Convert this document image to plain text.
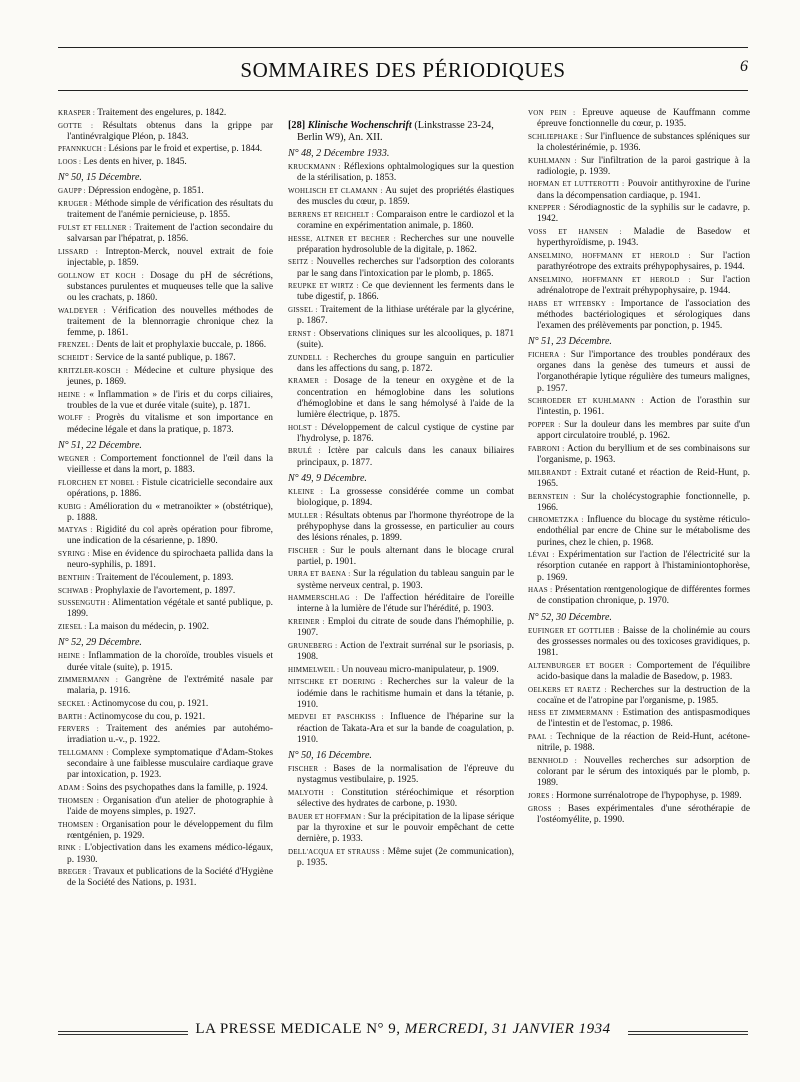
SOMMAIRES DES PÉRIODIQUES	6
KRASPER : Traitement des engelures, p. 1842.
GOTTE : Résultats obtenus dans la grippe par l'antinévralgique Pléon, p. 1843.
PFANNKUCH : Lésions par le froid et expertise, p. 1844.
LOOS : Les dents en hiver, p. 1845.
N° 50, 15 Décembre.
GAUPP : Dépression endogène, p. 1851.
KRUGER : Méthode simple de vérification des résultats du traitement de l'anémie pernicieuse, p. 1855.
FULST ET FELLNER : Traitement de l'action secondaire du salvarsan par l'hépatrat, p. 1856.
LISSARD : Intrepton-Merck, nouvel extrait de foie injectable, p. 1859.
GOLLNOW ET KOCH : Dosage du pH de sécrétions, substances purulentes et muqueuses telle que la salive ou les crachats, p. 1860.
WALDEYER : Vérification des nouvelles méthodes de traitement de la blennorragie chronique chez la femme, p. 1861.
FRENZEL : Dents de lait et prophylaxie buccale, p. 1866.
SCHEIDT : Service de la santé publique, p. 1867.
KRITZLER-KOSCH : Médecine et culture physique des jeunes, p. 1869.
HEINE : « Inflammation » de l'iris et du corps ciliaires, troubles de la vue et durée vitale (suite), p. 1871.
WOLFF : Progrès du vitalisme et son importance en médecine légale et dans la pratique, p. 1873.
N° 51, 22 Décembre.
WEGNER : Comportement fonctionnel de l'œil dans la vieillesse et dans la mort, p. 1883.
FLORCHEN ET NOBEL : Fistule cicatricielle secondaire aux opérations, p. 1886.
KUBIG : Amélioration du « metranoikter » (obstétrique), p. 1888.
MATYAS : Rigidité du col après opération pour fibrome, une indication de la césarienne, p. 1890.
SYRING : Mise en évidence du spirochaeta pallida dans la neuro-syphilis, p. 1891.
BENTHIN : Traitement de l'écoulement, p. 1893.
SCHWAB : Prophylaxie de l'avortement, p. 1897.
SUSSENGUTH : Alimentation végétale et santé publique, p. 1899.
ZIESEL : La maison du médecin, p. 1902.
N° 52, 29 Décembre.
HEINE : Inflammation de la choroïde, troubles visuels et durée vitale (suite), p. 1915.
ZIMMERMANN : Gangrène de l'extrémité nasale par malaria, p. 1916.
SECKEL : Actinomycose du cou, p. 1921.
BARTH : Actinomycose du cou, p. 1921.
FERVERS : Traitement des anémies par autohémo-irradiation u.-v., p. 1922.
TELLGMANN : Complexe symptomatique d'Adam-Stokes secondaire à une faiblesse musculaire cardiaque grave par intoxication, p. 1923.
ADAM : Soins des psychopathes dans la famille, p. 1924.
THOMSEN : Organisation d'un atelier de photographie à l'aide de moyens simples, p. 1927.
THOMSEN : Organisation pour le développement du film rœntgénien, p. 1929.
RINK : L'objectivation dans les examens médico-légaux, p. 1930.
BREGER : Travaux et publications de la Société d'Hygiène de la Société des Nations, p. 1931.
[28] Klinische Wochenschrift (Linkstrasse 23-24, Berlin W9), An. XII.
N° 48, 2 Décembre 1933.
KRUCKMANN : Réflexions ophtalmologiques sur la question de la stérilisation, p. 1853.
WOHLISCH ET CLAMANN : Au sujet des propriétés élastiques des muscles du cœur, p. 1859.
BERRENS ET REICHELT : Comparaison entre le cardiozol et la coramine en expérimentation animale, p. 1860.
HESSE, ALTNER ET BECHER : Recherches sur une nouvelle préparation hydrosoluble de la digitale, p. 1862.
SEITZ : Nouvelles recherches sur l'adsorption des colorants par le sang dans l'intoxication par le plomb, p. 1865.
REUPKE ET WIRTZ : Ce que deviennent les ferments dans le tube digestif, p. 1866.
GISSEL : Traitement de la lithiase urétérale par la glycérine, p. 1867.
ERNST : Observations cliniques sur les alcooliques, p. 1871 (suite).
ZUNDELL : Recherches du groupe sanguin en particulier dans les affections du sang, p. 1872.
KRAMER : Dosage de la teneur en oxygène et de la concentration en hémoglobine dans les solutions d'hémoglobine et dans le sang hémolysé à l'aide de la lumière électrique, p. 1875.
HOLST : Développement de calcul cystique de cystine par l'hydrolyse, p. 1876.
BRULÉ : Ictère par calculs dans les canaux biliaires principaux, p. 1877.
N° 49, 9 Décembre.
KLEINE : La grossesse considérée comme un combat biologique, p. 1894.
MULLER : Résultats obtenus par l'hormone thyréotrope de la préhypophyse dans la grossesse, en particulier au cours des lésions rénales, p. 1899.
FISCHER : Sur le pouls alternant dans le blocage crural partiel, p. 1901.
URRA ET BAENA : Sur la régulation du tableau sanguin par le système nerveux central, p. 1903.
HAMMERSCHLAG : De l'affection héréditaire de l'oreille interne à la lumière de l'étude sur l'hérédité, p. 1903.
KREINER : Emploi du citrate de soude dans l'hémophilie, p. 1907.
GRUNEBERG : Action de l'extrait surrénal sur le psoriasis, p. 1908.
HIMMELWEIL : Un nouveau micro-manipulateur, p. 1909.
NITSCHKE ET DOERING : Recherches sur la valeur de la iodémie dans le rachitisme humain et dans la tétanie, p. 1910.
MEDVEI ET PASCHKISS : Influence de l'héparine sur la réaction de Takata-Ara et sur la bande de coagulation, p. 1910.
N° 50, 16 Décembre.
FISCHER : Bases de la normalisation de l'épreuve du nystagmus vestibulaire, p. 1925.
MALYOTH : Constitution stéréochimique et résorption sélective des hydrates de carbone, p. 1930.
BAUER ET HOFFMAN : Sur la précipitation de la lipase sérique par la thyroxine et sur le pouvoir empêchant de cette dernière, p. 1933.
DELL'ACQUA ET STRAUSS : Même sujet (2e communication), p. 1935.
VON PEIN : Epreuve aqueuse de Kauffmann comme épreuve fonctionnelle du cœur, p. 1935.
SCHLIEPHAKE : Sur l'influence de substances spléniques sur la cholestérinémie, p. 1936.
KUHLMANN : Sur l'infiltration de la paroi gastrique à la radiologie, p. 1939.
HOFMAN ET LUTTEROTTI : Pouvoir antithyroxine de l'urine dans la décompensation cardiaque, p. 1941.
KNEPPER : Sérodiagnostic de la syphilis sur le cadavre, p. 1942.
VOSS ET HANSEN : Maladie de Basedow et hyperthyroïdisme, p. 1943.
ANSELMINO, HOFFMANN ET HEROLD : Sur l'action parathyréotrope des extraits préhypophysaires, p. 1944.
ANSELMINO, HOFFMANN ET HEROLD : Sur l'action adrénalotrope de l'extrait préhypophysaire, p. 1944.
HABS ET WITEBSKY : Importance de l'association des méthodes bactériologiques et sérologiques dans l'examen des prélèvements par ponction, p. 1945.
N° 51, 23 Décembre.
FICHERA : Sur l'importance des troubles pondéraux des organes dans la genèse des tumeurs et aussi de l'organothérapie lytique régulière des tumeurs malignes, p. 1957.
SCHROEDER ET KUHLMANN : Action de l'orasthin sur l'intestin, p. 1961.
POPPER : Sur la douleur dans les membres par suite d'un apport circulatoire troublé, p. 1962.
FABRONI : Action du beryllium et de ses combinaisons sur l'organisme, p. 1963.
MILBRANDT : Extrait cutané et réaction de Reid-Hunt, p. 1965.
BERNSTEIN : Sur la cholécystographie fonctionnelle, p. 1966.
CHROMETZKA : Influence du blocage du système réticulo-endothélial par encre de Chine sur le métabolisme des purines, chez le chien, p. 1968.
LÉVAI : Expérimentation sur l'action de l'électricité sur la résorption cutanée en rapport à l'histaminiontophorèse, p. 1969.
HAAS : Présentation rœntgenologique de différentes formes de constipation chronique, p. 1970.
N° 52, 30 Décembre.
EUFINGER ET GOTTLIEB : Baisse de la cholinémie au cours des grossesses normales ou des toxicoses gravidiques, p. 1981.
ALTENBURGER ET BOGER : Comportement de l'équilibre acido-basique dans la maladie de Basedow, p. 1983.
OELKERS ET RAETZ : Recherches sur la destruction de la cocaïne et de l'atropine par l'organisme, p. 1985.
HESS ET ZIMMERMANN : Estimation des antispasmodiques de l'intestin et de l'estomac, p. 1986.
PAAL : Technique de la réaction de Reid-Hunt, acétone-nitrile, p. 1988.
BENNHOLD : Nouvelles recherches sur adsorption de colorant par le sérum des intoxiqués par le plomb, p. 1989.
JORES : Hormone surrénalotrope de l'hypophyse, p. 1989.
GROSS : Bases expérimentales d'une sérothérapie de l'ostéomyélite, p. 1990.
LA PRESSE MEDICALE N° 9, MERCREDI, 31 JANVIER 1934
